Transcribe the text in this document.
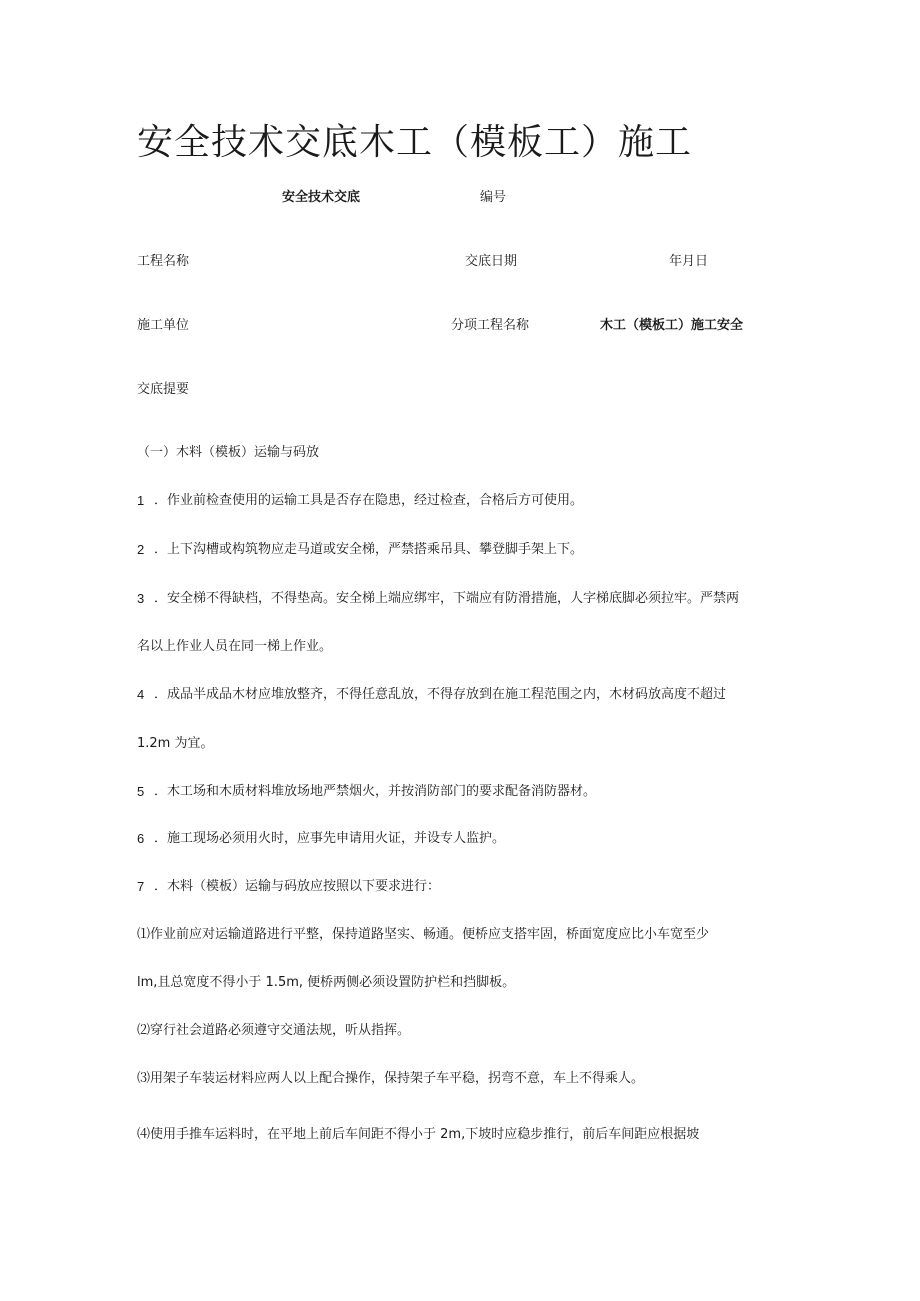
安全技术交底木工（模板工）施工
安全技术交底	编号
工程名称	交底日期	年月日
施工单位	分项工程名称	木工（模板工）施工安全
交底提要
（一）木料（模板）运输与码放
1 ．作业前检查使用的运输工具是否存在隐患，经过检查，合格后方可使用。
2 ．上下沟槽或构筑物应走马道或安全梯，严禁搭乘吊具、攀登脚手架上下。
3 ．安全梯不得缺档，不得垫高。安全梯上端应绑牢，下端应有防滑措施，人字梯底脚必须拉牢。严禁两
名以上作业人员在同一梯上作业。
4 ．成品半成品木材应堆放整齐，不得任意乱放，不得存放到在施工程范围之内，木材码放高度不超过
1.2m 为宜。
5 ．木工场和木质材料堆放场地严禁烟火，并按消防部门的要求配备消防器材。
6 ．施工现场必须用火时，应事先申请用火证，并设专人监护。
7 ．木料（模板）运输与码放应按照以下要求进行：
⑴作业前应对运输道路进行平整，保持道路坚实、畅通。便桥应支搭牢固，桥面宽度应比小车宽至少
lm,且总宽度不得小于 1.5m, 便桥两侧必须设置防护栏和挡脚板。
⑵穿行社会道路必须遵守交通法规，听从指挥。
⑶用架子车装运材料应两人以上配合操作，保持架子车平稳，拐弯不意，车上不得乘人。
⑷使用手推车运料时，在平地上前后车间距不得小于 2m,下坡时应稳步推行，前后车间距应根据坡
